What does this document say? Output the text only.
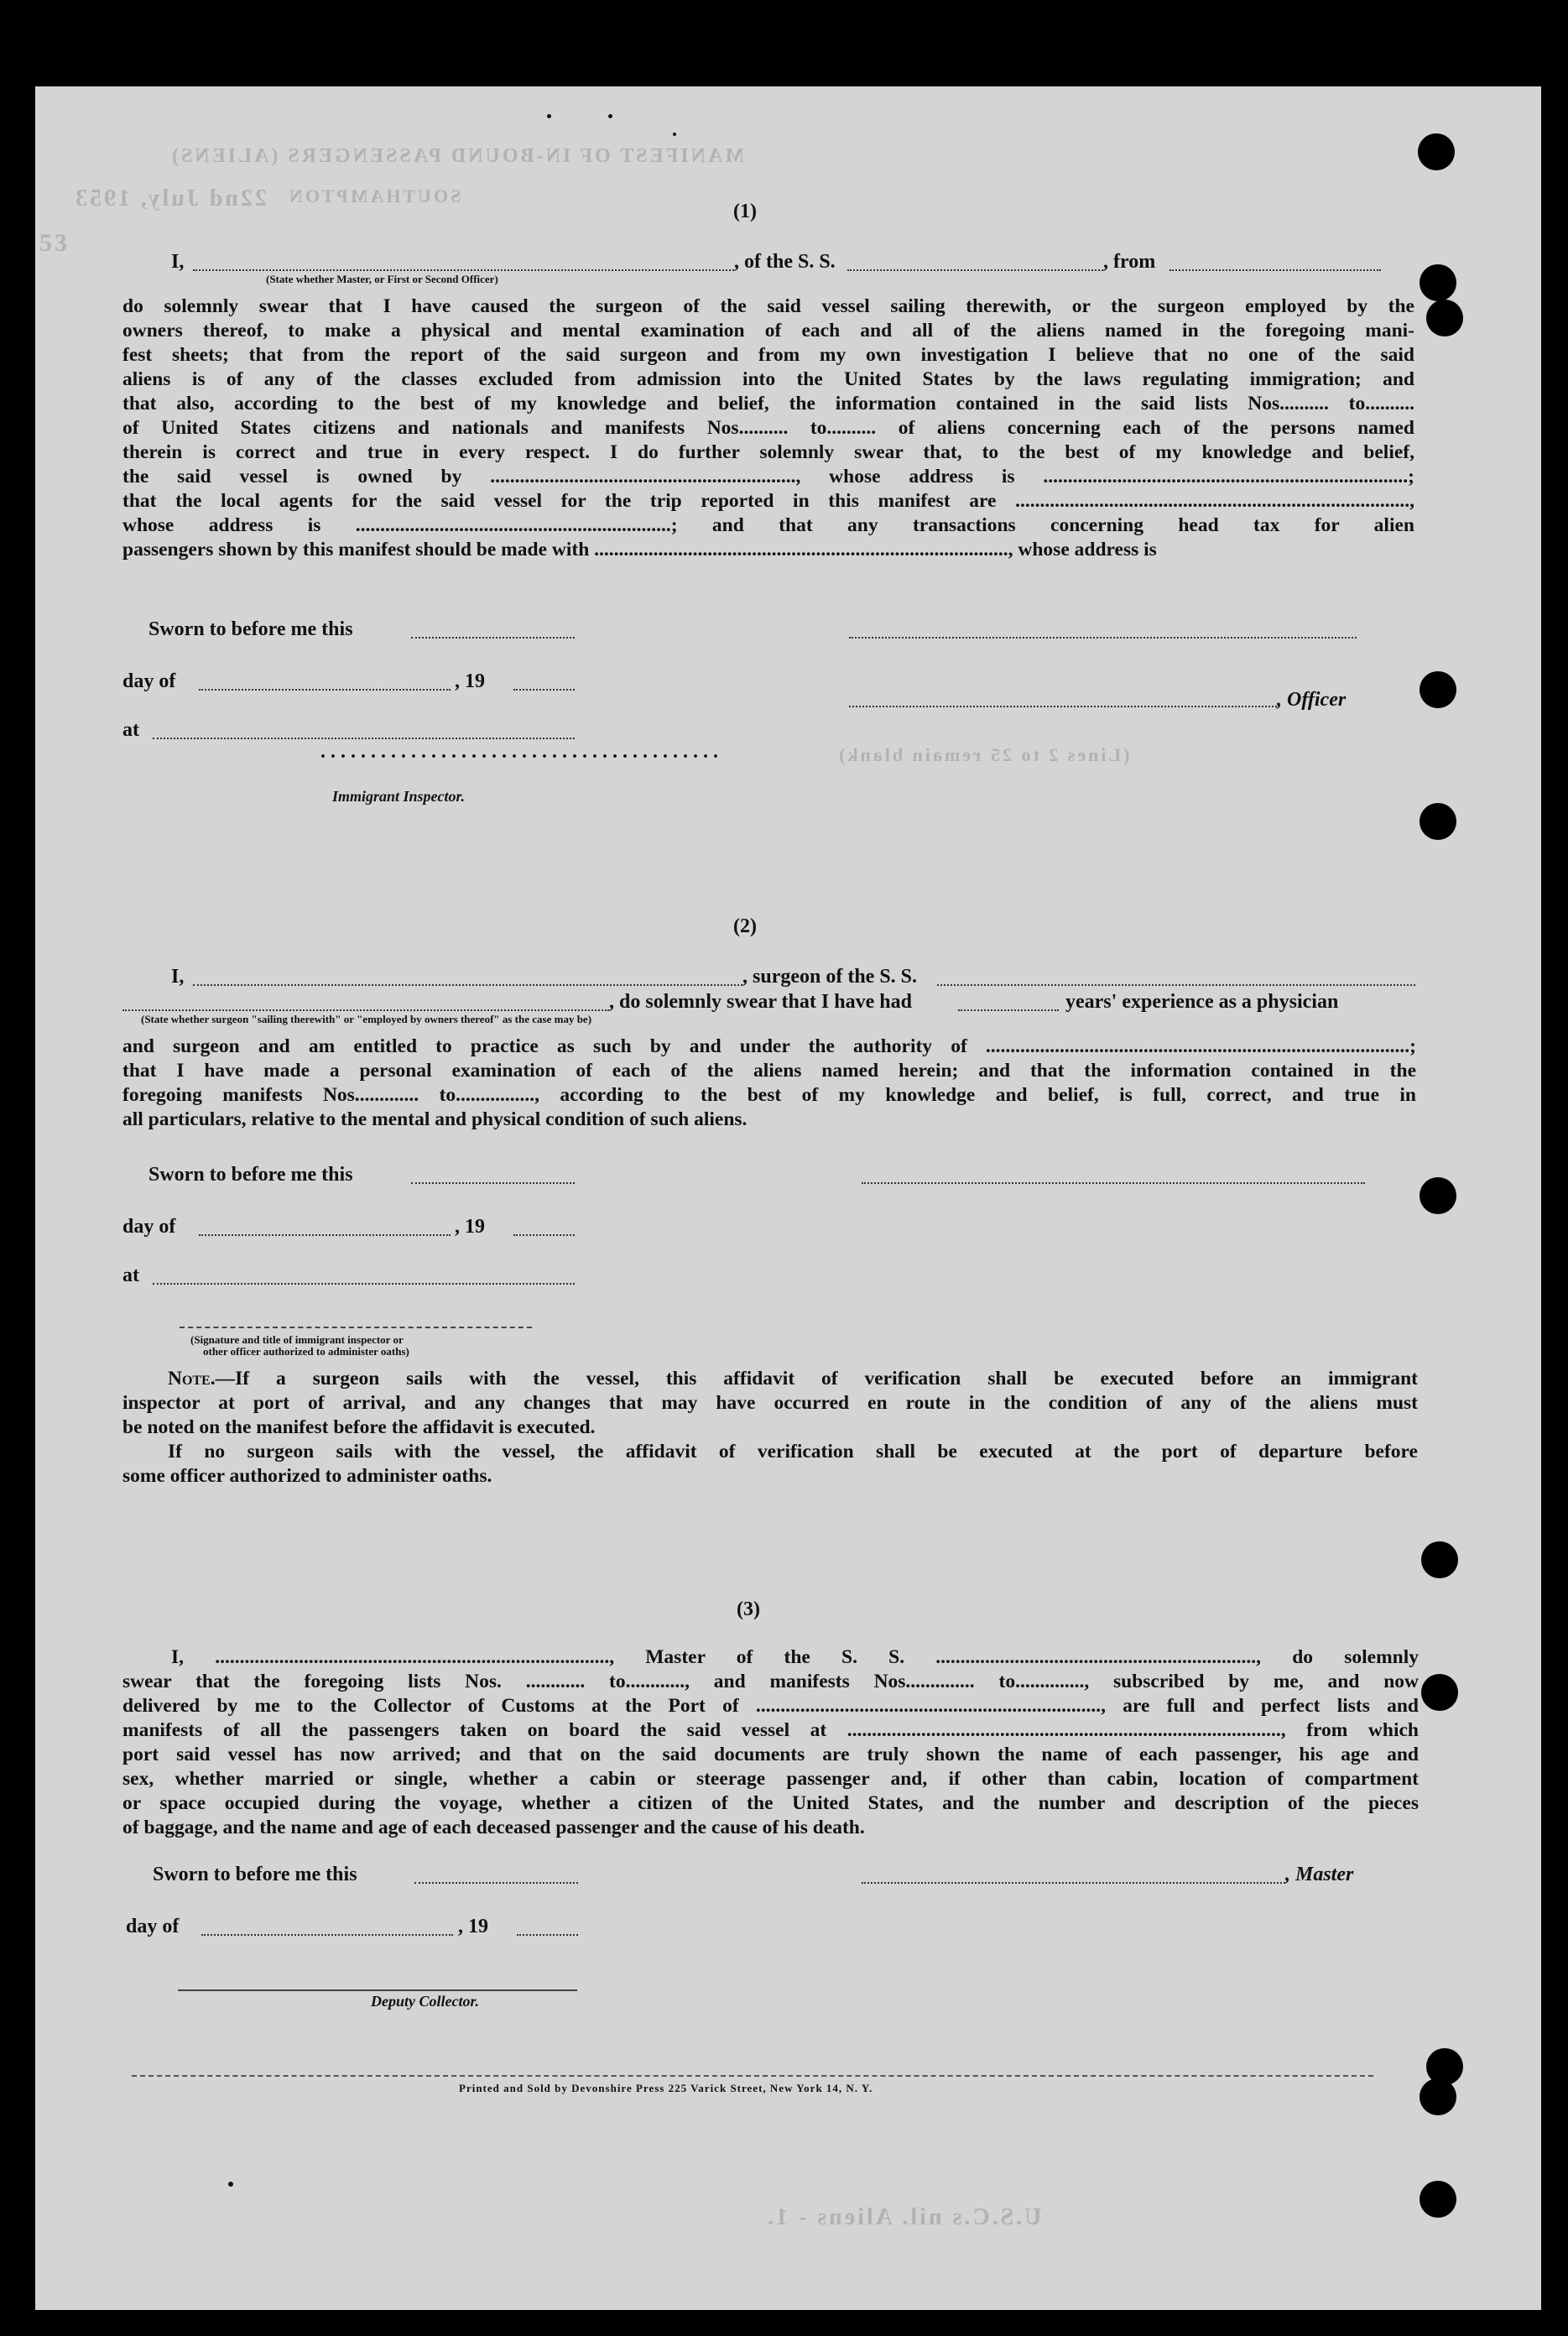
MANIFEST OF IN-BOUND PASSENGERS (ALIENS)
53
SOUTHAMPTON
22nd July, 1953	(1)
I,	, of the S. S.	, from
(State whether Master, or First or Second Officer)
do solemnly swear that I have caused the surgeon of the said vessel sailing therewith, or the surgeon employed by the
owners thereof, to make a physical and mental examination of each and all of the aliens named in the foregoing mani-
fest sheets; that from the report of the said surgeon and from my own investigation I believe that no one of the said
aliens is of any of the classes excluded from admission into the United States by the laws regulating immigration; and
that also, according to the best of my knowledge and belief, the information contained in the said lists Nos.......... to..........
of United States citizens and nationals and manifests Nos.......... to.......... of aliens concerning each of the persons named
therein is correct and true in every respect. I do further solemnly swear that, to the best of my knowledge and belief,
the said vessel is owned by .............................................................., whose address is ..........................................................................;
that the local agents for the said vessel for the trip reported in this manifest are ................................................................................,
whose address is ................................................................; and that any transactions concerning head tax for alien
passengers shown by this manifest should be made with ...................................................................................., whose address is
Sworn to before me this
day of	, 19
, Officer
at
........................................	(Lines 2 to 25 remain blank)
Immigrant Inspector.
(2)
I,	, surgeon of the S. S.
, do solemnly swear that I have had	years' experience as a physician
(State whether surgeon "sailing therewith" or "employed by owners thereof" as the case may be)
and surgeon and am entitled to practice as such by and under the authority of ......................................................................................;
that I have made a personal examination of each of the aliens named herein; and that the information contained in the
foregoing manifests Nos............. to................, according to the best of my knowledge and belief, is full, correct, and true in
all particulars, relative to the mental and physical condition of such aliens.
Sworn to before me this
day of	, 19
at
(Signature and title of immigrant inspector or
other officer authorized to administer oaths)
Note.—If a surgeon sails with the vessel, this affidavit of verification shall be executed before an immigrant
inspector at port of arrival, and any changes that may have occurred en route in the condition of any of the aliens must
be noted on the manifest before the affidavit is executed.
If no surgeon sails with the vessel, the affidavit of verification shall be executed at the port of departure before
some officer authorized to administer oaths.
(3)
I, ................................................................................, Master of the S. S. ................................................................., do solemnly
swear that the foregoing lists Nos. ............ to............, and manifests Nos.............. to.............., subscribed by me, and now
delivered by me to the Collector of Customs at the Port of ......................................................................, are full and perfect lists and
manifests of all the passengers taken on board the said vessel at ........................................................................................, from which
port said vessel has now arrived; and that on the said documents are truly shown the name of each passenger, his age and
sex, whether married or single, whether a cabin or steerage passenger and, if other than cabin, location of compartment
or space occupied during the voyage, whether a citizen of the United States, and the number and description of the pieces
of baggage, and the name and age of each deceased passenger and the cause of his death.
Sworn to before me this	, Master
day of	, 19
Deputy Collector.
Printed and Sold by Devonshire Press 225 Varick Street, New York 14, N. Y.
U.S.C.s nil. Aliens - 1.
